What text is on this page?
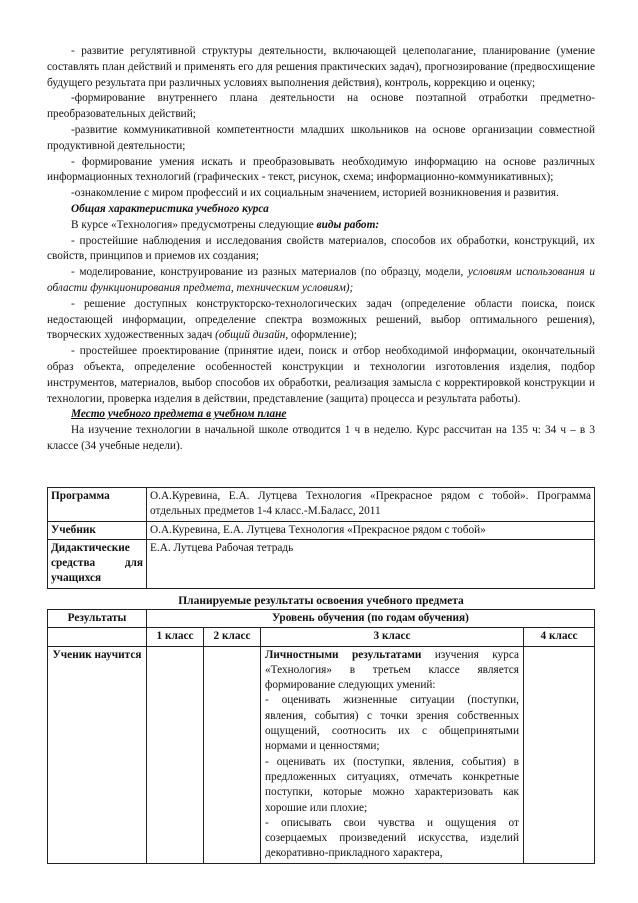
- развитие регулятивной структуры деятельности, включающей целеполагание, планирование (умение составлять план действий и применять его для решения практических задач), прогнозирование (предвосхищение будущего результата при различных условиях выполнения действия), контроль, коррекцию и оценку;

-формирование внутреннего плана деятельности на основе поэтапной отработки предметно-преобразовательных действий;

-развитие коммуникативной компетентности младших школьников на основе организации совместной продуктивной деятельности;

- формирование умения искать и преобразовывать необходимую информацию на основе различных информационных технологий (графических - текст, рисунок, схема; информационно-коммуникативных);

-ознакомление с миром профессий и их социальным значением, историей возникновения и развития.

Общая характеристика учебного курса

В курсе «Технология» предусмотрены следующие виды работ:

- простейшие наблюдения и исследования свойств материалов, способов их обработки, конструкций, их свойств, принципов и приемов их создания;

- моделирование, конструирование из разных материалов (по образцу, модели, условиям использования и области функционирования предмета, техническим условиям);

- решение доступных конструкторско-технологических задач (определение области поиска, поиск недостающей информации, определение спектра возможных решений, выбор оптимального решения), творческих художественных задач (общий дизайн, оформление);

- простейшее проектирование (принятие идеи, поиск и отбор необходимой информации, окончательный образ объекта, определение особенностей конструкции и технологии изготовления изделия, подбор инструментов, материалов, выбор способов их обработки, реализация замысла с корректировкой конструкции и технологии, проверка изделия в действии, представление (защита) процесса и результата работы).

Место учебного предмета в учебном плане

На изучение технологии в начальной школе отводится 1 ч в неделю. Курс рассчитан на 135 ч: 34 ч – в 3 классе (34 учебные недели).

Программа	О.А.Куревина, Е.А. Лутцева Технология «Прекрасное рядом с тобой». Программа отдельных предметов 1-4 класс.-М.Баласс, 2011
Учебник	О.А.Куревина, Е.А. Лутцева Технология «Прекрасное рядом с тобой»
Дидактические средства для учащихся	Е.А. Лутцева Рабочая тетрадь
Планируемые результаты освоения учебного предмета
Результаты	Уровень обучения (по годам обучения)			
	1 класс	2 класс	3 класс	4 класс
Ученик научится			Личностными результатами изучения курса «Технология» в третьем классе является формирование следующих умений:

- оценивать жизненные ситуации (поступки, явления, события) с точки зрения собственных ощущений, соотносить их с общепринятыми нормами и ценностями;

- оценивать их (поступки, явления, события) в предложенных ситуациях, отмечать конкретные поступки, которые можно характеризовать как хорошие или плохие;

- описывать свои чувства и ощущения от созерцаемых произведений искусства, изделий декоративно-прикладного характера,	
